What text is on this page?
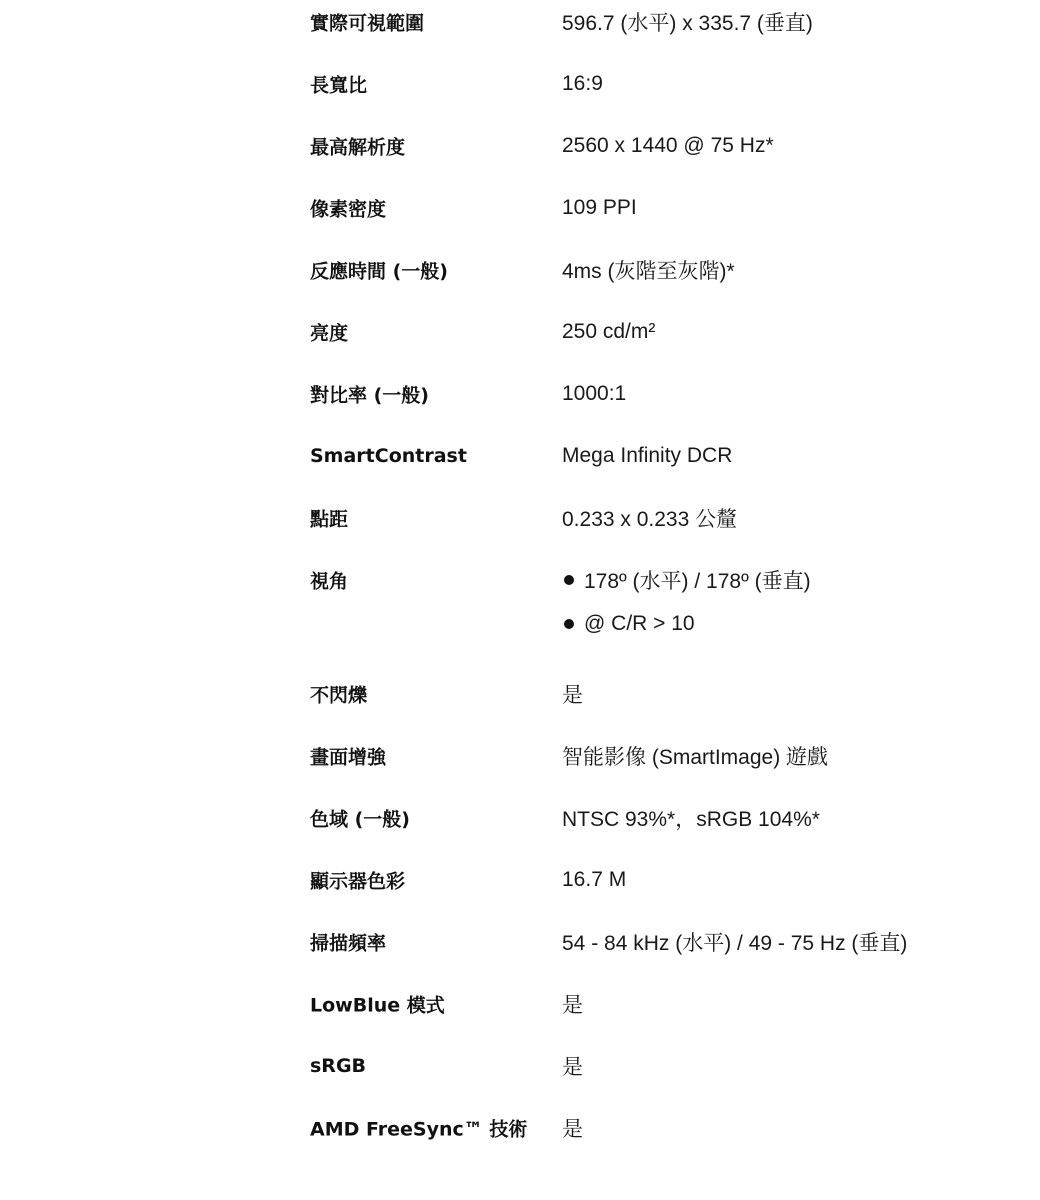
實際可視範圍	596.7 (水平) x 335.7 (垂直)
長寬比	16:9
最高解析度	2560 x 1440 @ 75 Hz*
像素密度	109 PPI
反應時間 (一般)	4ms (灰階至灰階)*
亮度	250 cd/m²
對比率 (一般)	1000:1
SmartContrast	Mega Infinity DCR
點距	0.233 x 0.233 公釐
視角	178º (水平) / 178º (垂直)
@ C/R > 10
不閃爍	是
畫面增強	智能影像 (SmartImage) 遊戲
色域 (一般)	NTSC 93%*，sRGB 104%*
顯示器色彩	16.7 M
掃描頻率	54 - 84 kHz (水平) / 49 - 75 Hz (垂直)
LowBlue 模式	是
sRGB	是
AMD FreeSync™ 技術 是
